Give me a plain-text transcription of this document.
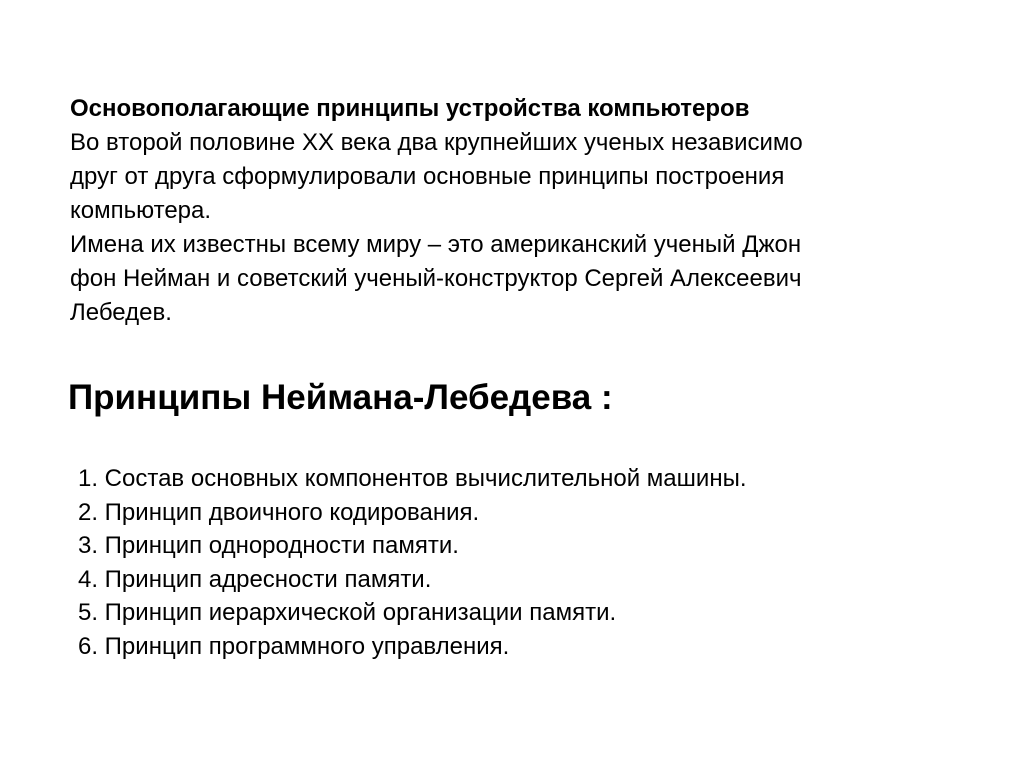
Основополагающие принципы устройства компьютеров
Во второй половине XX века два крупнейших ученых независимо
друг от друга сформулировали основные принципы построения
компьютера.
Имена их известны всему миру – это американский ученый Джон
фон Нейман и советский ученый-конструктор Сергей Алексеевич
Лебедев.
Принципы Неймана-Лебедева :
1. Состав основных компонентов вычислительной машины.
2. Принцип двоичного кодирования.
3. Принцип однородности памяти.
4. Принцип адресности памяти.
5. Принцип иерархической организации памяти.
6. Принцип программного управления.
